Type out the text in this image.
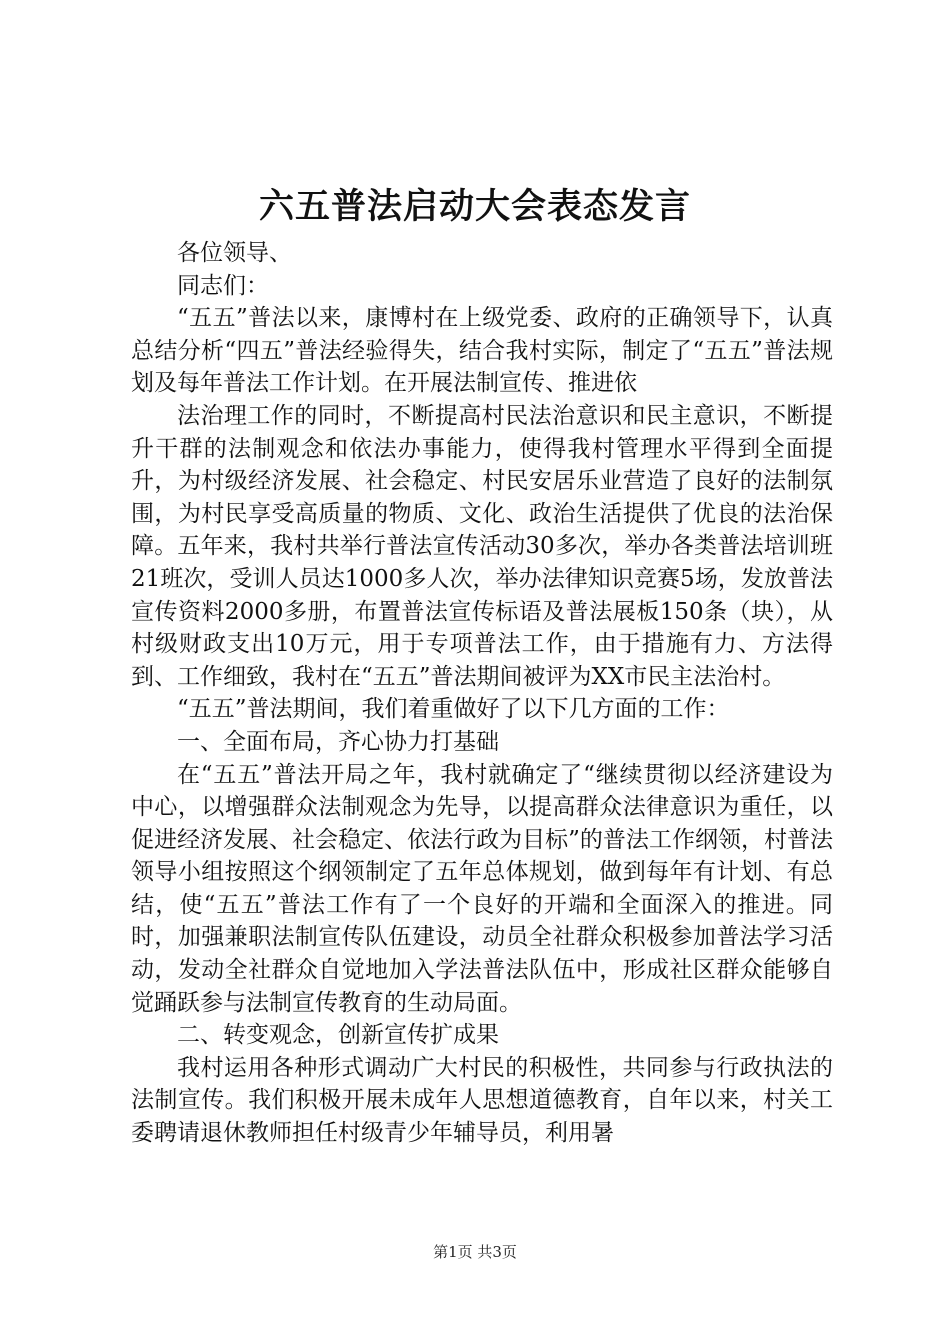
六五普法启动大会表态发言

各位领导、

同志们：

“五五”普法以来，康博村在上级党委、政府的正确领导下，认真总结分析“四五”普法经验得失，结合我村实际，制定了“五五”普法规划及每年普法工作计划。在开展法制宣传、推进依

法治理工作的同时，不断提高村民法治意识和民主意识，不断提升干群的法制观念和依法办事能力，使得我村管理水平得到全面提升，为村级经济发展、社会稳定、村民安居乐业营造了良好的法制氛围，为村民享受高质量的物质、文化、政治生活提供了优良的法治保障。五年来，我村共举行普法宣传活动30多次，举办各类普法培训班21班次，受训人员达1000多人次，举办法律知识竞赛5场，发放普法宣传资料2000多册，布置普法宣传标语及普法展板150条（块），从村级财政支出10万元，用于专项普法工作，由于措施有力、方法得到、工作细致，我村在“五五”普法期间被评为XX市民主法治村。

“五五”普法期间，我们着重做好了以下几方面的工作：

一、全面布局，齐心协力打基础

在“五五”普法开局之年，我村就确定了“继续贯彻以经济建设为中心，以增强群众法制观念为先导，以提高群众法律意识为重任，以促进经济发展、社会稳定、依法行政为目标”的普法工作纲领，村普法领导小组按照这个纲领制定了五年总体规划，做到每年有计划、有总结，使“五五”普法工作有了一个良好的开端和全面深入的推进。同时，加强兼职法制宣传队伍建设，动员全社群众积极参加普法学习活动，发动全社群众自觉地加入学法普法队伍中，形成社区群众能够自觉踊跃参与法制宣传教育的生动局面。

二、转变观念，创新宣传扩成果

我村运用各种形式调动广大村民的积极性，共同参与行政执法的法制宣传。我们积极开展未成年人思想道德教育，自年以来，村关工委聘请退休教师担任村级青少年辅导员，利用暑

第1页 共3页
